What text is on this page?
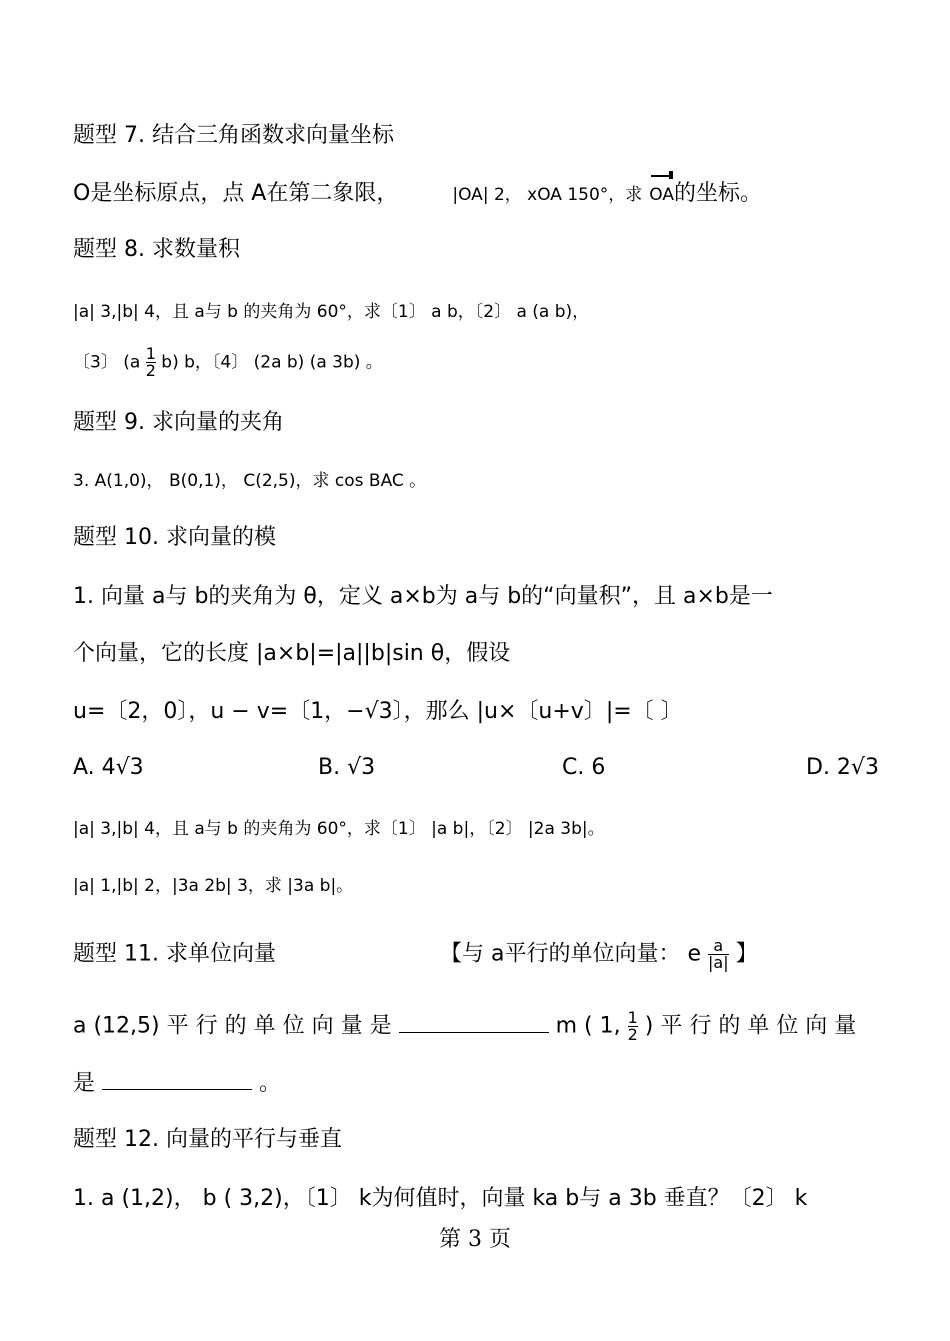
题型 7. 结合三角函数求向量坐标
O是坐标原点，点 A在第二象限，	|OA| 2， xOA 150°，求 OA的坐标。
题型 8. 求数量积
|a| 3,|b| 4，且 a与 b 的夹角为 60°，求〔1〕 a b，〔2〕 a (a b)，
〔3〕 $(a \frac{1}{2} b)$ b，〔4〕 (2a b) (a 3b) 。
题型 9. 求向量的夹角
3. A(1,0)， B(0,1)， C(2,5)，求 cos BAC 。
题型 10. 求向量的模
1. 向量 a与 b的夹角为 θ，定义 a×b为 a与 b的“向量积”，且 a×b是一
个向量，它的长度 |a×b|=|a||b|sin θ，假设
u=〔2，0〕，u − v=〔1，−√3〕，那么 |u×〔u+v〕|=〔 〕
A. 4√3	B. √3	C. 6	D. 2√3
|a| 3,|b| 4，且 a与 b 的夹角为 60°，求〔1〕 |a b|，〔2〕 |2a 3b|。
|a| 1,|b| 2，|3a 2b| 3，求 |3a b|。
题型 11. 求单位向量	【与 a平行的单位向量： e $\frac{a}{|a|}$ 】
a (12,5) 平 行 的 单 位 向 量 是	m ( 1, $\frac{1}{2}$ ) 平 行 的 单 位 向 量
是	。
题型 12. 向量的平行与垂直
1. a (1,2)， b ( 3,2)，〔1〕 k为何值时，向量 ka b与 a 3b 垂直？〔2〕 k
第 3 页
